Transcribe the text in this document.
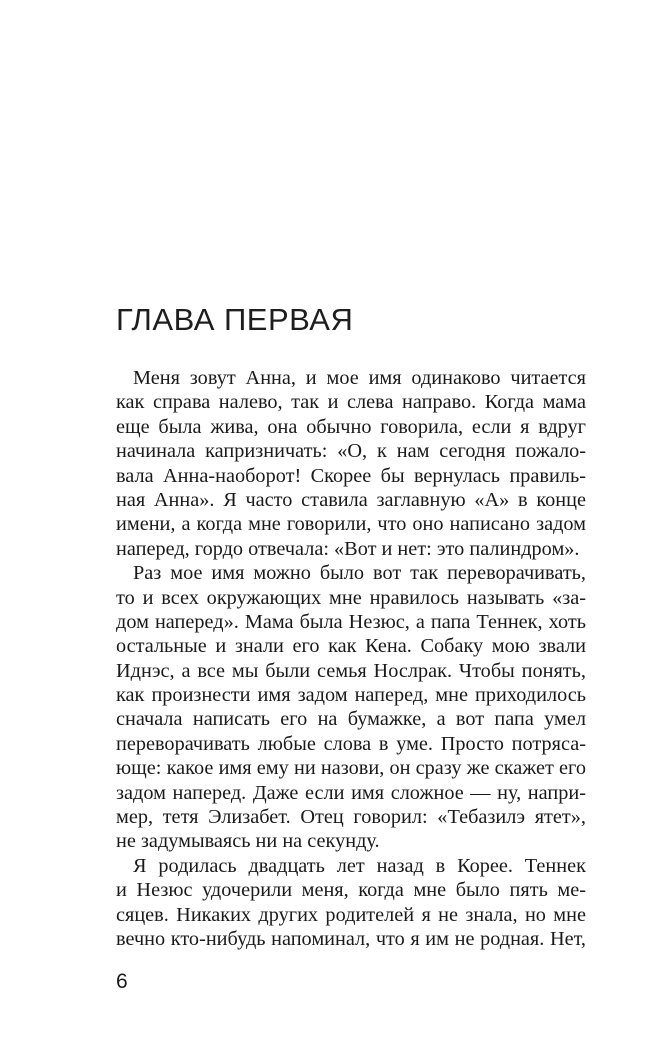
ГЛАВА ПЕРВАЯ
Меня зовут Анна, и мое имя одинаково читается
как справа налево, так и слева направо. Когда мама
еще была жива, она обычно говорила, если я вдруг
начинала капризничать: «О, к нам сегодня пожало-
вала Анна-наоборот! Скорее бы вернулась правиль-
ная Анна». Я часто ставила заглавную «А» в конце
имени, а когда мне говорили, что оно написано задом
наперед, гордо отвечала: «Вот и нет: это палиндром».
Раз мое имя можно было вот так переворачивать,
то и всех окружающих мне нравилось называть «за-
дом наперед». Мама была Незюс, а папа Теннек, хоть
остальные и знали его как Кена. Собаку мою звали
Иднэс, а все мы были семья Нослрак. Чтобы понять,
как произнести имя задом наперед, мне приходилось
сначала написать его на бумажке, а вот папа умел
переворачивать любые слова в уме. Просто потряса-
юще: какое имя ему ни назови, он сразу же скажет его
задом наперед. Даже если имя сложное — ну, напри-
мер, тетя Элизабет. Отец говорил: «Тебазилэ ятет»,
не задумываясь ни на секунду.
Я родилась двадцать лет назад в Корее. Теннек
и Незюс удочерили меня, когда мне было пять ме-
сяцев. Никаких других родителей я не знала, но мне
вечно кто-нибудь напоминал, что я им не родная. Нет,
6
